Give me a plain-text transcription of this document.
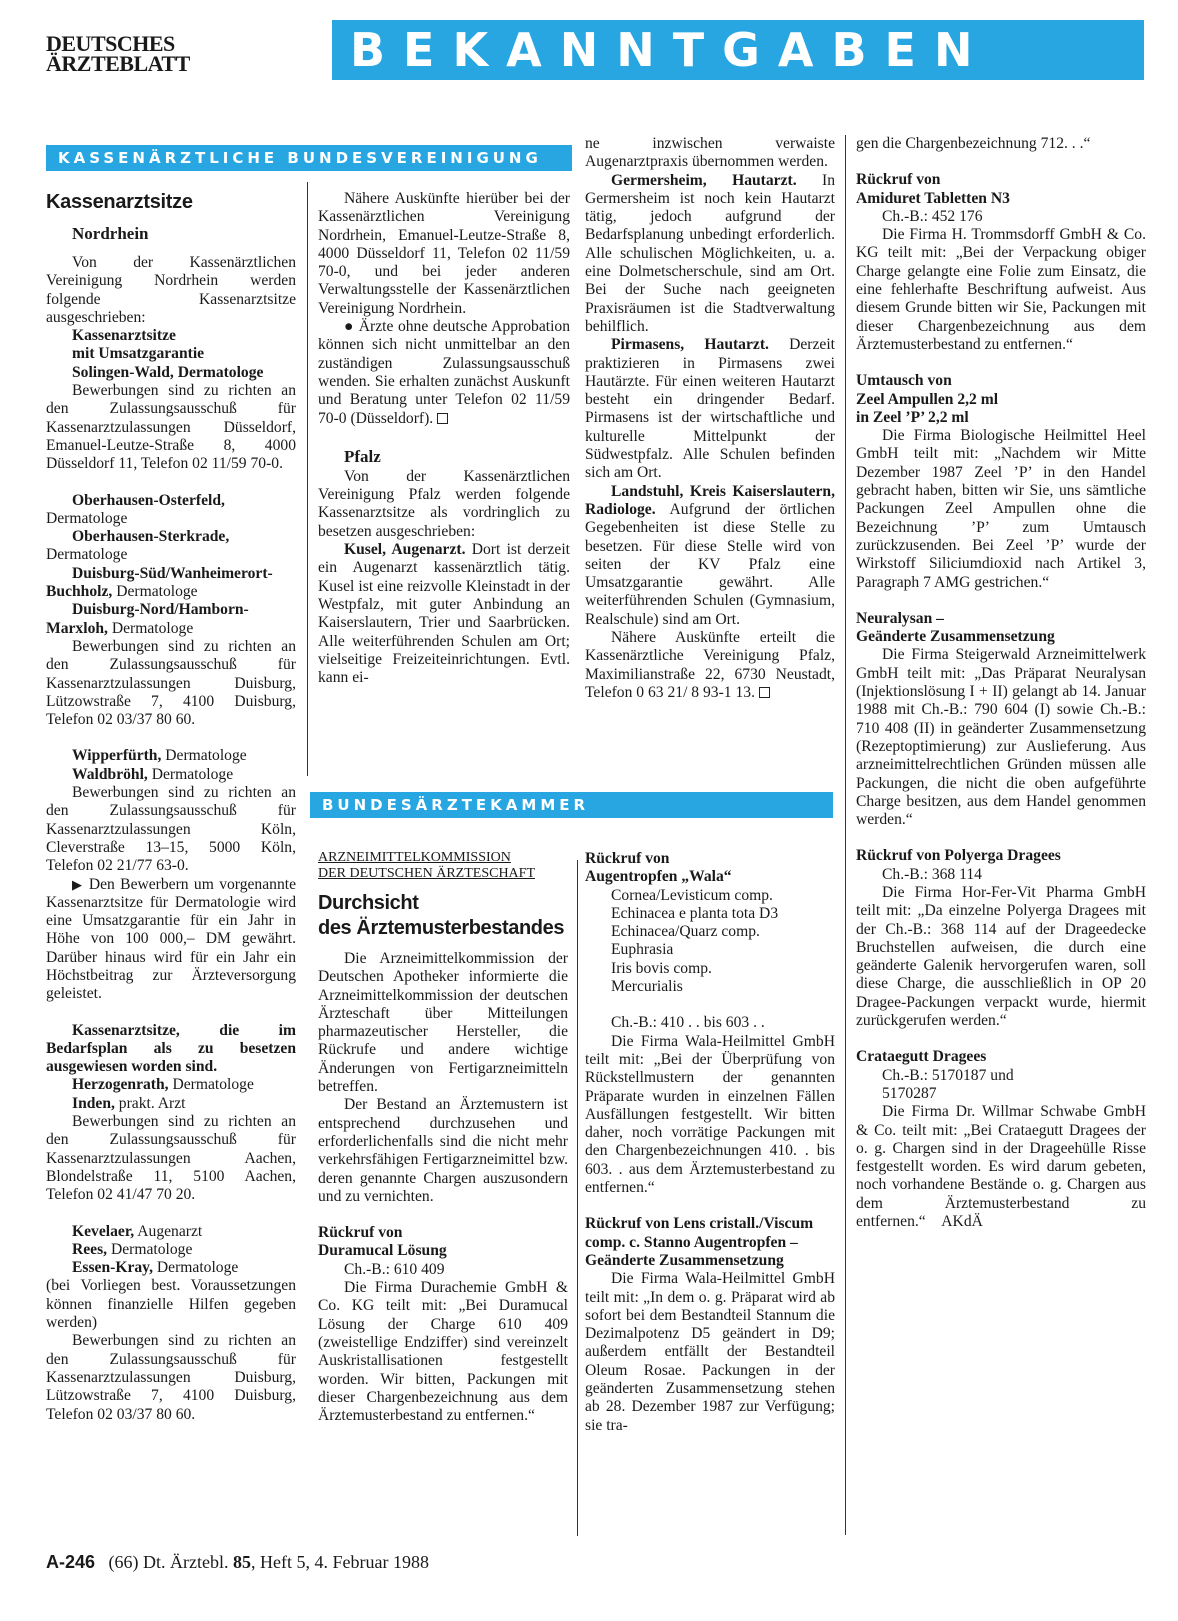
DEUTSCHES
ÄRZTEBLATT	BEKANNTGABEN
KASSENÄRZTLICHE BUNDESVEREINIGUNG

Kassenarztsitze

Nordrhein

Von der Kassenärztlichen Vereinigung Nordrhein werden folgende Kassenarztsitze ausgeschrieben:

Kassenarztsitze

mit Umsatzgarantie

Solingen-Wald, Dermatologe

Bewerbungen sind zu richten an den Zulassungsausschuß für Kassenarztzulassungen Düsseldorf, Emanuel-Leutze-Straße 8, 4000 Düsseldorf 11, Telefon 02 11/59 70-0.

Oberhausen-Osterfeld, Dermatologe

Oberhausen-Sterkrade, Dermatologe

Duisburg-Süd/Wanheimerort-Buchholz, Dermatologe

Duisburg-Nord/Hamborn-Marxloh, Dermatologe

Bewerbungen sind zu richten an den Zulassungsausschuß für Kassenarztzulassungen Duisburg, Lützowstraße 7, 4100 Duisburg, Telefon 02 03/37 80 60.

Wipperfürth, Dermatologe

Waldbröhl, Dermatologe

Bewerbungen sind zu richten an den Zulassungsausschuß für Kassenarztzulassungen Köln, Cleverstraße 13–15, 5000 Köln, Telefon 02 21/77 63-0.

▶ Den Bewerbern um vorgenannte Kassenarztsitze für Dermatologie wird eine Umsatzgarantie für ein Jahr in Höhe von 100 000,– DM gewährt. Darüber hinaus wird für ein Jahr ein Höchstbeitrag zur Ärzteversorgung geleistet.

Kassenarztsitze, die im Bedarfsplan als zu besetzen ausgewiesen worden sind.

Herzogenrath, Dermatologe

Inden, prakt. Arzt

Bewerbungen sind zu richten an den Zulassungsausschuß für Kassenarztzulassungen Aachen, Blondelstraße 11, 5100 Aachen, Telefon 02 41/47 70 20.

Kevelaer, Augenarzt

Rees, Dermatologe

Essen-Kray, Dermatologe

(bei Vorliegen best. Voraussetzungen können finanzielle Hilfen gegeben werden)

Bewerbungen sind zu richten an den Zulassungsausschuß für Kassenarztzulassungen Duisburg, Lützowstraße 7, 4100 Duisburg, Telefon 02 03/37 80 60.

Nähere Auskünfte hierüber bei der Kassenärztlichen Vereinigung Nordrhein, Emanuel-Leutze-Straße 8, 4000 Düsseldorf 11, Telefon 02 11/59 70-0, und bei jeder anderen Verwaltungsstelle der Kassenärztlichen Vereinigung Nordrhein.

● Ärzte ohne deutsche Approbation können sich nicht unmittelbar an den zuständigen Zulassungsausschuß wenden. Sie erhalten zunächst Auskunft und Beratung unter Telefon 02 11/59 70-0 (Düsseldorf).

Pfalz

Von der Kassenärztlichen Vereinigung Pfalz werden folgende Kassenarztsitze als vordringlich zu besetzen ausgeschrieben:

Kusel, Augenarzt. Dort ist derzeit ein Augenarzt kassenärztlich tätig. Kusel ist eine reizvolle Kleinstadt in der Westpfalz, mit guter Anbindung an Kaiserslautern, Trier und Saarbrücken. Alle weiterführenden Schulen am Ort; vielseitige Freizeiteinrichtungen. Evtl. kann ei-

ne inzwischen verwaiste Augenarztpraxis übernommen werden.

Germersheim, Hautarzt. In Germersheim ist noch kein Hautarzt tätig, jedoch aufgrund der Bedarfsplanung unbedingt erforderlich. Alle schulischen Möglichkeiten, u. a. eine Dolmetscherschule, sind am Ort. Bei der Suche nach geeigneten Praxisräumen ist die Stadtverwaltung behilflich.

Pirmasens, Hautarzt. Derzeit praktizieren in Pirmasens zwei Hautärzte. Für einen weiteren Hautarzt besteht ein dringender Bedarf. Pirmasens ist der wirtschaftliche und kulturelle Mittelpunkt der Südwestpfalz. Alle Schulen befinden sich am Ort.

Landstuhl, Kreis Kaiserslautern, Radiologe. Aufgrund der örtlichen Gegebenheiten ist diese Stelle zu besetzen. Für diese Stelle wird von seiten der KV Pfalz eine Umsatzgarantie gewährt. Alle weiterführenden Schulen (Gymnasium, Realschule) sind am Ort.

Nähere Auskünfte erteilt die Kassenärztliche Vereinigung Pfalz, Maximilianstraße 22, 6730 Neustadt, Telefon 0 63 21/ 8 93-1 13.

BUNDESÄRZTEKAMMER

ARZNEIMITTELKOMMISSION

DER DEUTSCHEN ÄRZTESCHAFT

Durchsicht

des Ärztemusterbestandes

Die Arzneimittelkommission der Deutschen Apotheker informierte die Arzneimittelkommission der deutschen Ärzteschaft über Mitteilungen pharmazeutischer Hersteller, die Rückrufe und andere wichtige Änderungen von Fertigarzneimitteln betreffen.

Der Bestand an Ärztemustern ist entsprechend durchzusehen und erforderlichenfalls sind die nicht mehr verkehrsfähigen Fertigarzneimittel bzw. deren genannte Chargen auszusondern und zu vernichten.

Rückruf von

Duramucal Lösung

Ch.-B.: 610 409

Die Firma Durachemie GmbH & Co. KG teilt mit: „Bei Duramucal Lösung der Charge 610 409 (zweistellige Endziffer) sind vereinzelt Auskristallisationen festgestellt worden. Wir bitten, Packungen mit dieser Chargenbezeichnung aus dem Ärztemusterbestand zu entfernen.“

Rückruf von

Augentropfen „Wala“

Cornea/Levisticum comp.

Echinacea e planta tota D3

Echinacea/Quarz comp.

Euphrasia

Iris bovis comp.

Mercurialis

Ch.-B.: 410 . . bis 603 . .

Die Firma Wala-Heilmittel GmbH teilt mit: „Bei der Überprüfung von Rückstellmustern der genannten Präparate wurden in einzelnen Fällen Ausfällungen festgestellt. Wir bitten daher, noch vorrätige Packungen mit den Chargenbezeichnungen 410. . bis 603. . aus dem Ärztemusterbestand zu entfernen.“

Rückruf von Lens cristall./Viscum comp. c. Stanno Augentropfen – Geänderte Zusammensetzung

Die Firma Wala-Heilmittel GmbH teilt mit: „In dem o. g. Präparat wird ab sofort bei dem Bestandteil Stannum die Dezimalpotenz D5 geändert in D9; außerdem entfällt der Bestandteil Oleum Rosae. Packungen in der geänderten Zusammensetzung stehen ab 28. Dezember 1987 zur Verfügung; sie tra-

gen die Chargenbezeichnung 712. . .“

Rückruf von

Amiduret Tabletten N3

Ch.-B.: 452 176

Die Firma H. Trommsdorff GmbH & Co. KG teilt mit: „Bei der Verpackung obiger Charge gelangte eine Folie zum Einsatz, die eine fehlerhafte Beschriftung aufweist. Aus diesem Grunde bitten wir Sie, Packungen mit dieser Chargenbezeichnung aus dem Ärztemusterbestand zu entfernen.“

Umtausch von

Zeel Ampullen 2,2 ml

in Zeel ’P’ 2,2 ml

Die Firma Biologische Heilmittel Heel GmbH teilt mit: „Nachdem wir Mitte Dezember 1987 Zeel ’P’ in den Handel gebracht haben, bitten wir Sie, uns sämtliche Packungen Zeel Ampullen ohne die Bezeichnung ’P’ zum Umtausch zurückzusenden. Bei Zeel ’P’ wurde der Wirkstoff Siliciumdioxid nach Artikel 3, Paragraph 7 AMG gestrichen.“

Neuralysan –

Geänderte Zusammensetzung

Die Firma Steigerwald Arzneimittelwerk GmbH teilt mit: „Das Präparat Neuralysan (Injektionslösung I + II) gelangt ab 14. Januar 1988 mit Ch.-B.: 790 604 (I) sowie Ch.-B.: 710 408 (II) in geänderter Zusammensetzung (Rezeptoptimierung) zur Auslieferung. Aus arzneimittelrechtlichen Gründen müssen alle Packungen, die nicht die oben aufgeführte Charge besitzen, aus dem Handel genommen werden.“

Rückruf von Polyerga Dragees

Ch.-B.: 368 114

Die Firma Hor-Fer-Vit Pharma GmbH teilt mit: „Da einzelne Polyerga Dragees mit der Ch.-B.: 368 114 auf der Drageedecke Bruchstellen aufweisen, die durch eine geänderte Galenik hervorgerufen waren, soll diese Charge, die ausschließlich in OP 20 Dragee-Packungen verpackt wurde, hiermit zurückgerufen werden.“

Crataegutt Dragees

Ch.-B.: 5170187 und

5170287

Die Firma Dr. Willmar Schwabe GmbH & Co. teilt mit: „Bei Crataegutt Dragees der o. g. Chargen sind in der Drageehülle Risse festgestellt worden. Es wird darum gebeten, noch vorhandene Bestände o. g. Chargen aus dem Ärztemusterbestand zu entfernen.“ AKdÄ

A-246 (66) Dt. Ärztebl. 85, Heft 5, 4. Februar 1988
